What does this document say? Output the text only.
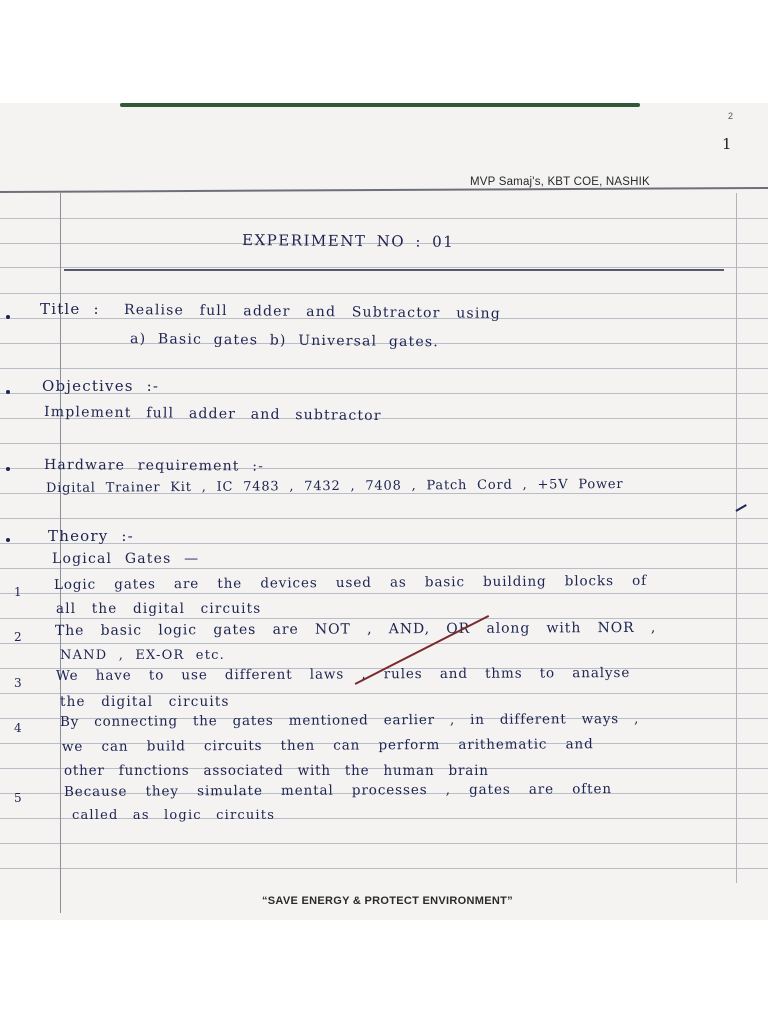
2
1
MVP Samaj's, KBT COE, NASHIK
EXPERIMENT NO : 01
Title : Realise full adder and Subtractor using
a) Basic gates b) Universal gates.
Objectives :-
Implement full adder and subtractor
Hardware requirement :-
Digital Trainer Kit , IC 7483 , 7432 , 7408 , Patch Cord , +5V Power
Theory :-
Logical Gates —
1 Logic gates are the devices used as basic building blocks of
all the digital circuits
2 The basic logic gates are NOT , AND, OR along with NOR ,
NAND , EX-OR etc.
3	We have to use different laws , rules and thms to analyse
the digital circuits
4	By connecting the gates mentioned earlier , in different ways ,
we can build circuits then can perform arithematic and
other functions associated with the human brain
5	Because they simulate mental processes , gates are often
called as logic circuits
“SAVE ENERGY & PROTECT ENVIRONMENT”
